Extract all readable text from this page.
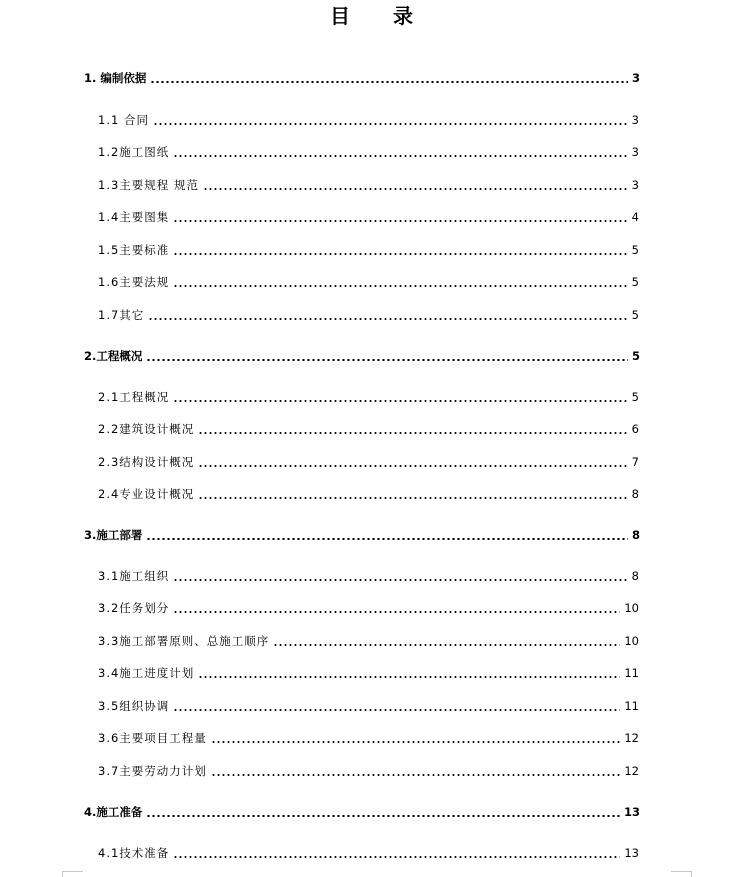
目 录
1. 编制依据	3
1.1 合同	3
1.2施工图纸	3
1.3主要规程 规范	3
1.4主要图集	4
1.5主要标准	5
1.6主要法规	5
1.7其它	5
2.工程概况	5
2.1工程概况	5
2.2建筑设计概况	6
2.3结构设计概况	7
2.4专业设计概况	8
3.施工部署	8
3.1施工组织	8
3.2任务划分	10
3.3施工部署原则、总施工顺序	10
3.4施工进度计划	11
3.5组织协调	11
3.6主要项目工程量	12
3.7主要劳动力计划	12
4.施工准备	13
4.1技术准备	13
